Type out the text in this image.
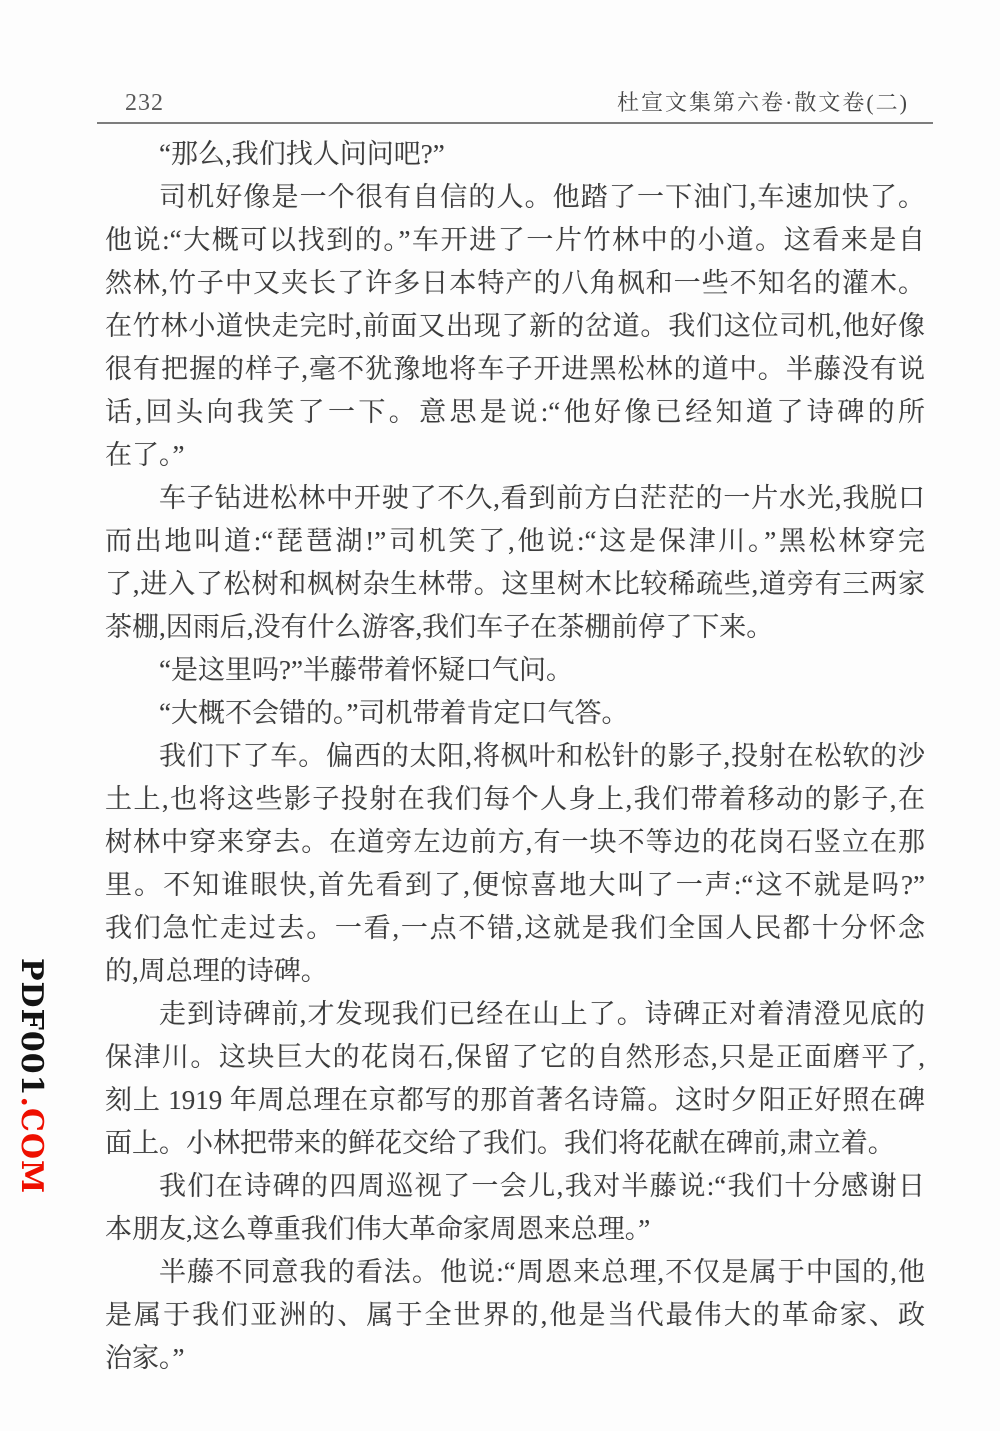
PDF001.COM
232	杜宣文集第六卷·散文卷(二)
“那么,我们找人问问吧?”
司机好像是一个很有自信的人。他踏了一下油门,车速加快了。
他说:“大概可以找到的。”车开进了一片竹林中的小道。这看来是自
然林,竹子中又夹长了许多日本特产的八角枫和一些不知名的灌木。
在竹林小道快走完时,前面又出现了新的岔道。我们这位司机,他好像
很有把握的样子,毫不犹豫地将车子开进黑松林的道中。半藤没有说
话,回头向我笑了一下。意思是说:“他好像已经知道了诗碑的所
在了。”
车子钻进松林中开驶了不久,看到前方白茫茫的一片水光,我脱口
而出地叫道:“琵琶湖!”司机笑了,他说:“这是保津川。”黑松林穿完
了,进入了松树和枫树杂生林带。这里树木比较稀疏些,道旁有三两家
茶棚,因雨后,没有什么游客,我们车子在茶棚前停了下来。
“是这里吗?”半藤带着怀疑口气问。
“大概不会错的。”司机带着肯定口气答。
我们下了车。偏西的太阳,将枫叶和松针的影子,投射在松软的沙
土上,也将这些影子投射在我们每个人身上,我们带着移动的影子,在
树林中穿来穿去。在道旁左边前方,有一块不等边的花岗石竖立在那
里。不知谁眼快,首先看到了,便惊喜地大叫了一声:“这不就是吗?”
我们急忙走过去。一看,一点不错,这就是我们全国人民都十分怀念
的,周总理的诗碑。
走到诗碑前,才发现我们已经在山上了。诗碑正对着清澄见底的
保津川。这块巨大的花岗石,保留了它的自然形态,只是正面磨平了,
刻上 1919 年周总理在京都写的那首著名诗篇。这时夕阳正好照在碑
面上。小林把带来的鲜花交给了我们。我们将花献在碑前,肃立着。
我们在诗碑的四周巡视了一会儿,我对半藤说:“我们十分感谢日
本朋友,这么尊重我们伟大革命家周恩来总理。”
半藤不同意我的看法。他说:“周恩来总理,不仅是属于中国的,他
是属于我们亚洲的、属于全世界的,他是当代最伟大的革命家、政
治家。”
